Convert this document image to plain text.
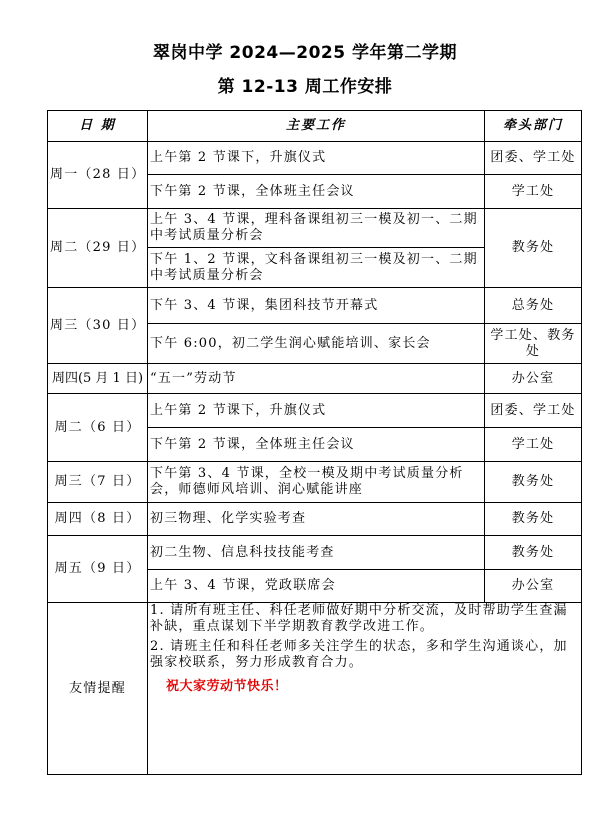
翠岗中学 2024—2025 学年第二学期
第 12-13 周工作安排
日 期	主要工作	牵头部门
周一（28 日）	上午第 2 节课下，升旗仪式	团委、学工处
	下午第 2 节课，全体班主任会议	学工处
周二（29 日）	上午 3、4 节课，理科备课组初三一模及初一、二期中考试质量分析会	教务处
	下午 1、2 节课，文科备课组初三一模及初一、二期中考试质量分析会	
周三（30 日）	下午 3、4 节课，集团科技节开幕式	总务处
	下午 6:00，初二学生润心赋能培训、家长会	学工处、教务处
周四(5 月 1 日)	“五一”劳动节	办公室
周二（6 日）	上午第 2 节课下，升旗仪式	团委、学工处
	下午第 2 节课，全体班主任会议	学工处
周三（7 日）	下午第 3、4 节课，全校一模及期中考试质量分析会，师德师风培训、润心赋能讲座	教务处
周四（8 日）	初三物理、化学实验考查	教务处
周五（9 日）	初二生物、信息科技技能考查	教务处
	上午 3、4 节课，党政联席会	办公室
友情提醒	1. 请所有班主任、科任老师做好期中分析交流，及时帮助学生查漏补缺，重点谋划下半学期教育教学改进工作。

2. 请班主任和科任老师多关注学生的状态，多和学生沟通谈心，加强家校联系，努力形成教育合力。

祝大家劳动节快乐！	
